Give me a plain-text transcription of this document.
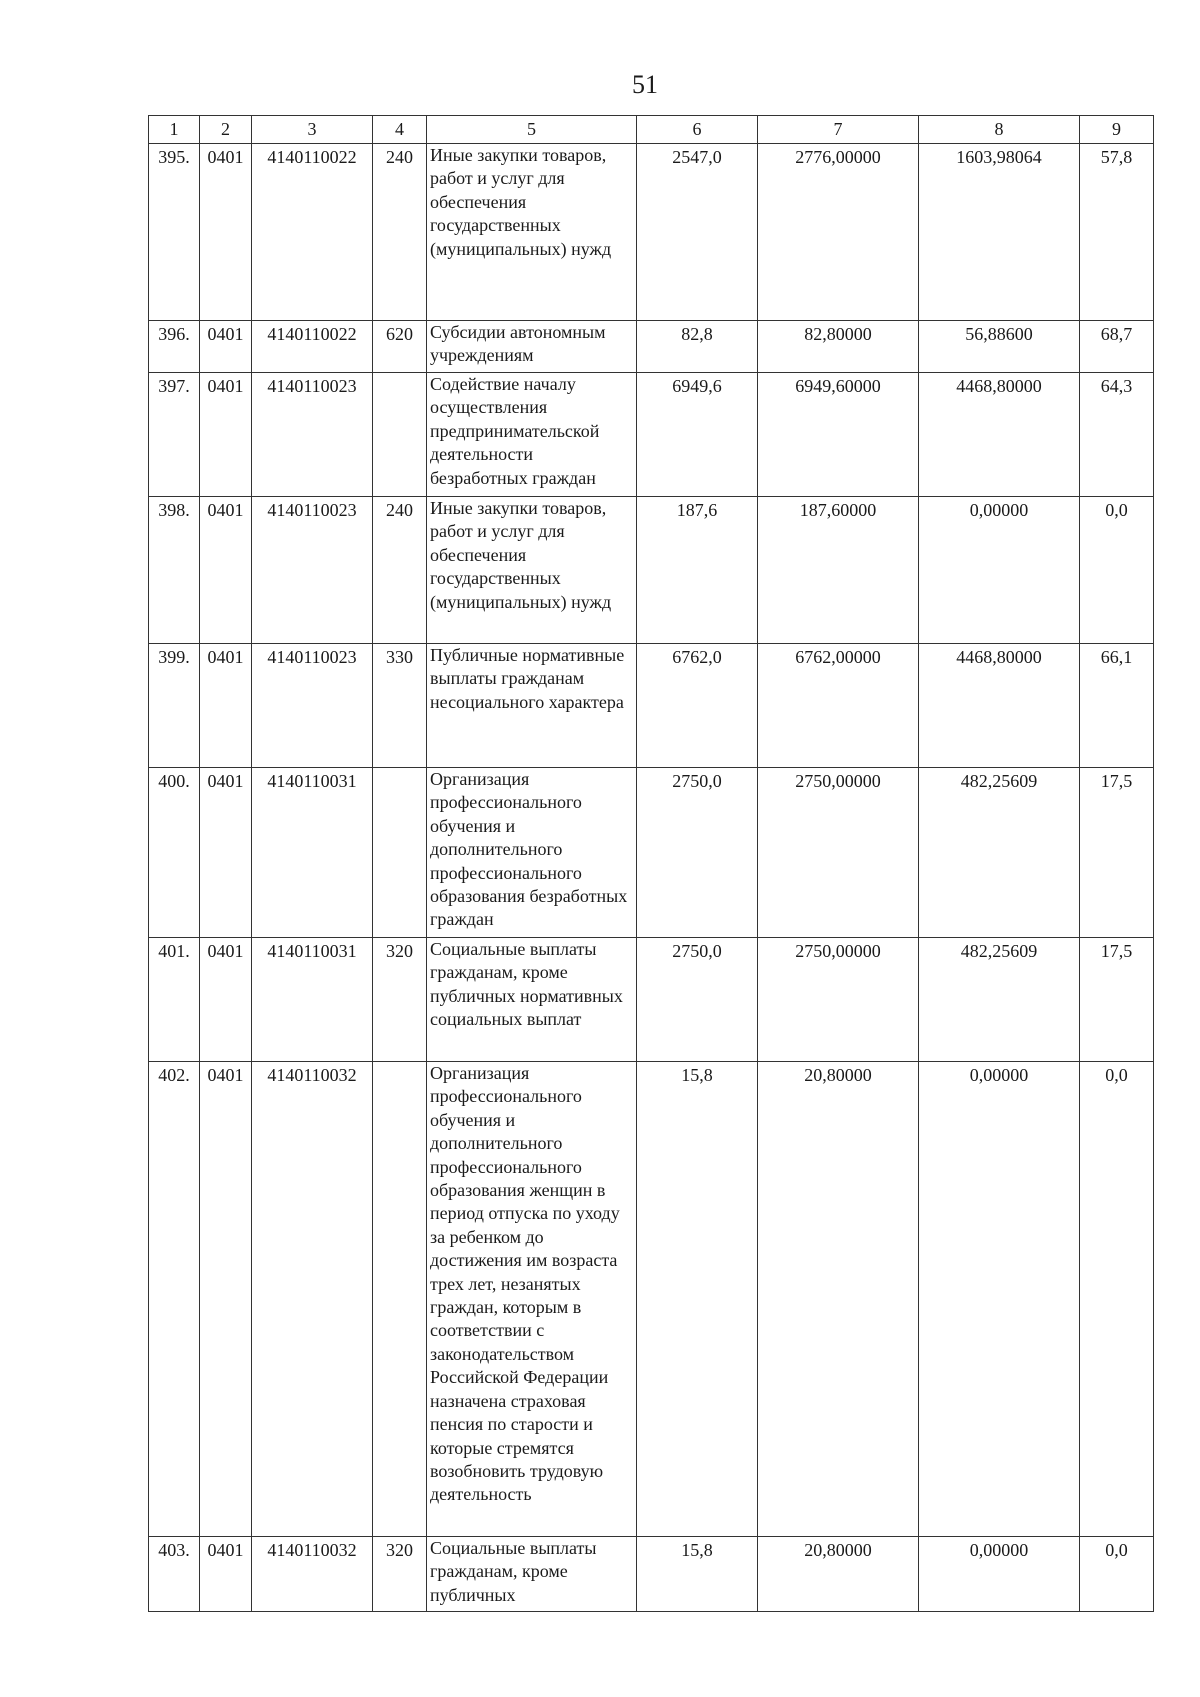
51
1	2	3	4	5	6	7	8	9
395.	0401	4140110022	240	Иные закупки товаров, работ и услуг для обеспечения государственных (муниципальных) нужд	2547,0	2776,00000	1603,98064	57,8
396.	0401	4140110022	620	Субсидии автономным учреждениям	82,8	82,80000	56,88600	68,7
397.	0401	4140110023		Содействие началу осуществления предпринимательской деятельности безработных граждан	6949,6	6949,60000	4468,80000	64,3
398.	0401	4140110023	240	Иные закупки товаров, работ и услуг для обеспечения государственных (муниципальных) нужд	187,6	187,60000	0,00000	0,0
399.	0401	4140110023	330	Публичные нормативные выплаты гражданам несоциального характера	6762,0	6762,00000	4468,80000	66,1
400.	0401	4140110031		Организация профессионального обучения и дополнительного профессионального образования безработных граждан	2750,0	2750,00000	482,25609	17,5
401.	0401	4140110031	320	Социальные выплаты гражданам, кроме публичных нормативных социальных выплат	2750,0	2750,00000	482,25609	17,5
402.	0401	4140110032		Организация профессионального обучения и дополнительного профессионального образования женщин в период отпуска по уходу за ребенком до достижения им возраста трех лет, незанятых граждан, которым в соответствии с законодательством Российской Федерации назначена страховая пенсия по старости и которые стремятся возобновить трудовую деятельность	15,8	20,80000	0,00000	0,0
403.	0401	4140110032	320	Социальные выплаты гражданам, кроме публичных	15,8	20,80000	0,00000	0,0
